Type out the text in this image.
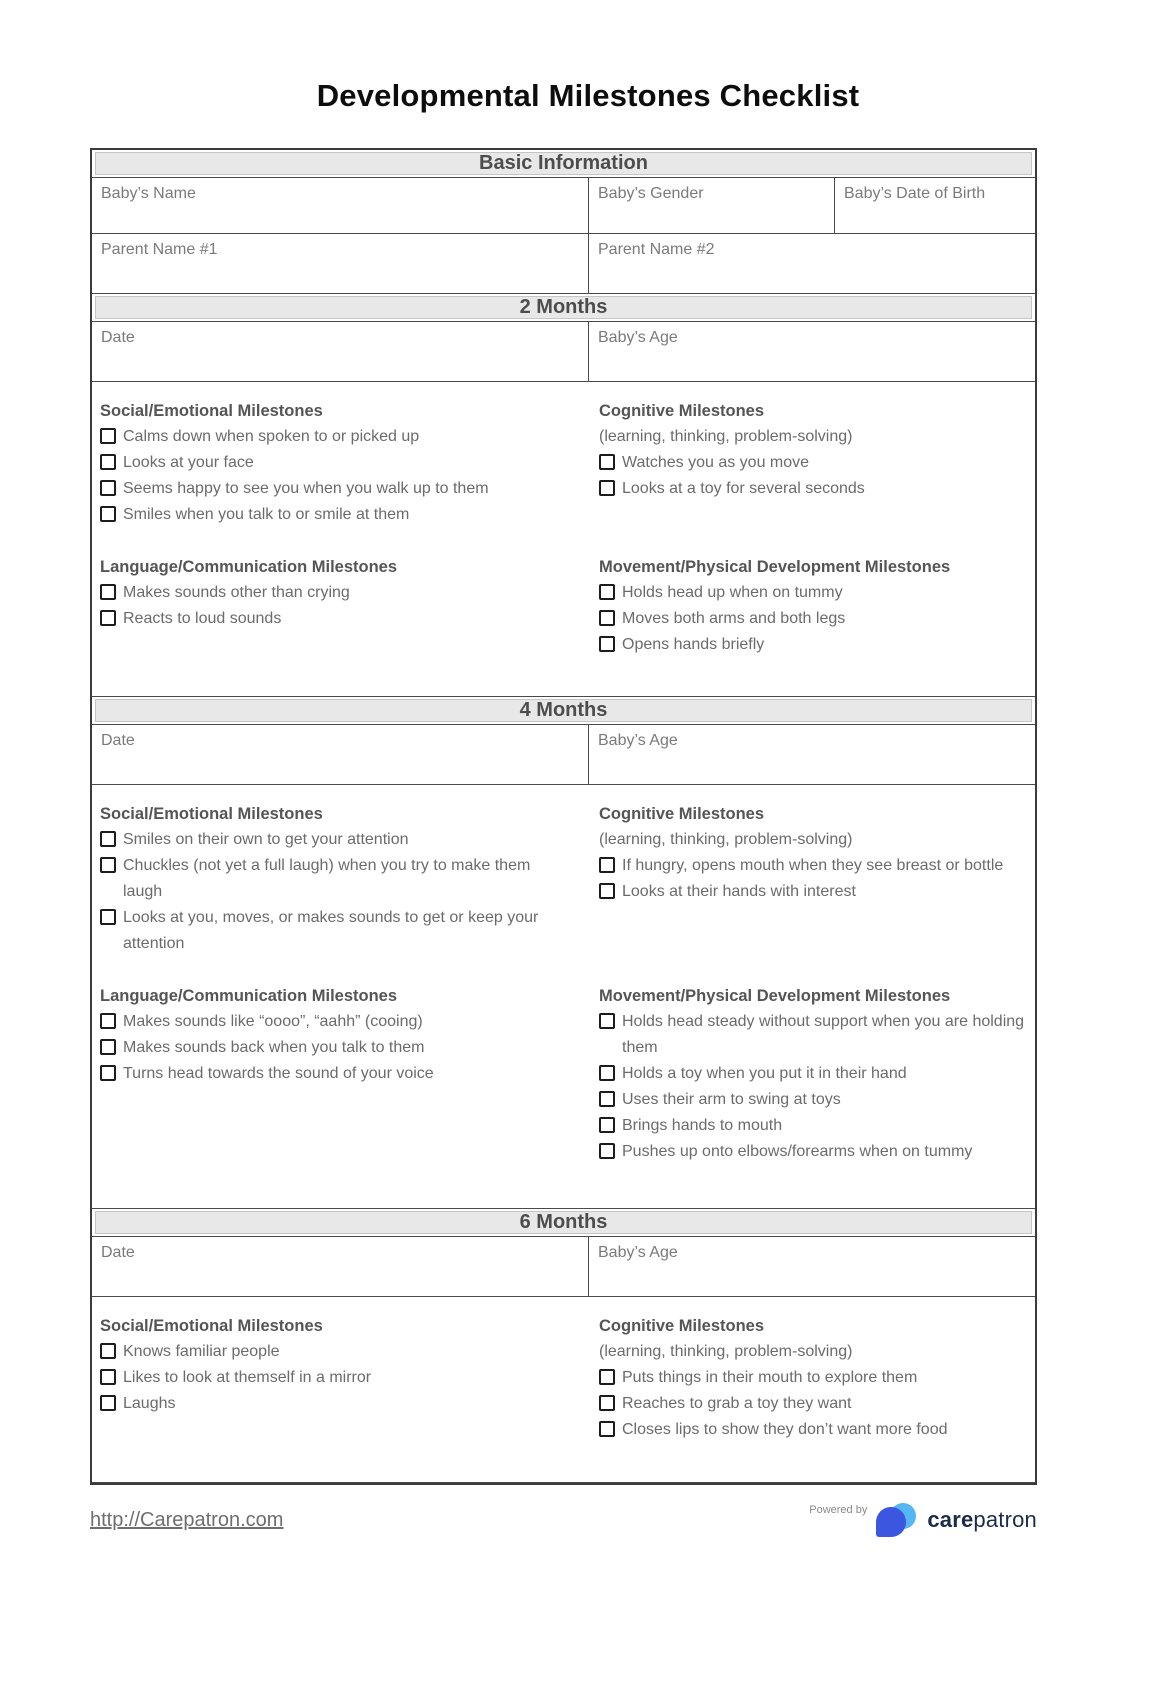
Developmental Milestones Checklist
Basic Information
Baby’s Name	Baby’s Gender	Baby’s Date of Birth
Parent Name #1	Parent Name #2
2 Months
Date	Baby’s Age
Social/Emotional Milestones
Calms down when spoken to or picked up
Looks at your face
Seems happy to see you when you walk up to them
Smiles when you talk to or smile at them
Cognitive Milestones
(learning, thinking, problem-solving)
Watches you as you move
Looks at a toy for several seconds
Language/Communication Milestones
Makes sounds other than crying
Reacts to loud sounds
Movement/Physical Development Milestones
Holds head up when on tummy
Moves both arms and both legs
Opens hands briefly
4 Months
Date	Baby’s Age
Social/Emotional Milestones
Smiles on their own to get your attention
Chuckles (not yet a full laugh) when you try to make them laugh
Looks at you, moves, or makes sounds to get or keep your attention
Cognitive Milestones
(learning, thinking, problem-solving)
If hungry, opens mouth when they see breast or bottle
Looks at their hands with interest
Language/Communication Milestones
Makes sounds like “oooo”, “aahh” (cooing)
Makes sounds back when you talk to them
Turns head towards the sound of your voice
Movement/Physical Development Milestones
Holds head steady without support when you are holding them
Holds a toy when you put it in their hand
Uses their arm to swing at toys
Brings hands to mouth
Pushes up onto elbows/forearms when on tummy
6 Months
Date	Baby’s Age
Social/Emotional Milestones
Knows familiar people
Likes to look at themself in a mirror
Laughs
Cognitive Milestones
(learning, thinking, problem-solving)
Puts things in their mouth to explore them
Reaches to grab a toy they want
Closes lips to show they don’t want more food
http://Carepatron.com	Powered by	carepatron
